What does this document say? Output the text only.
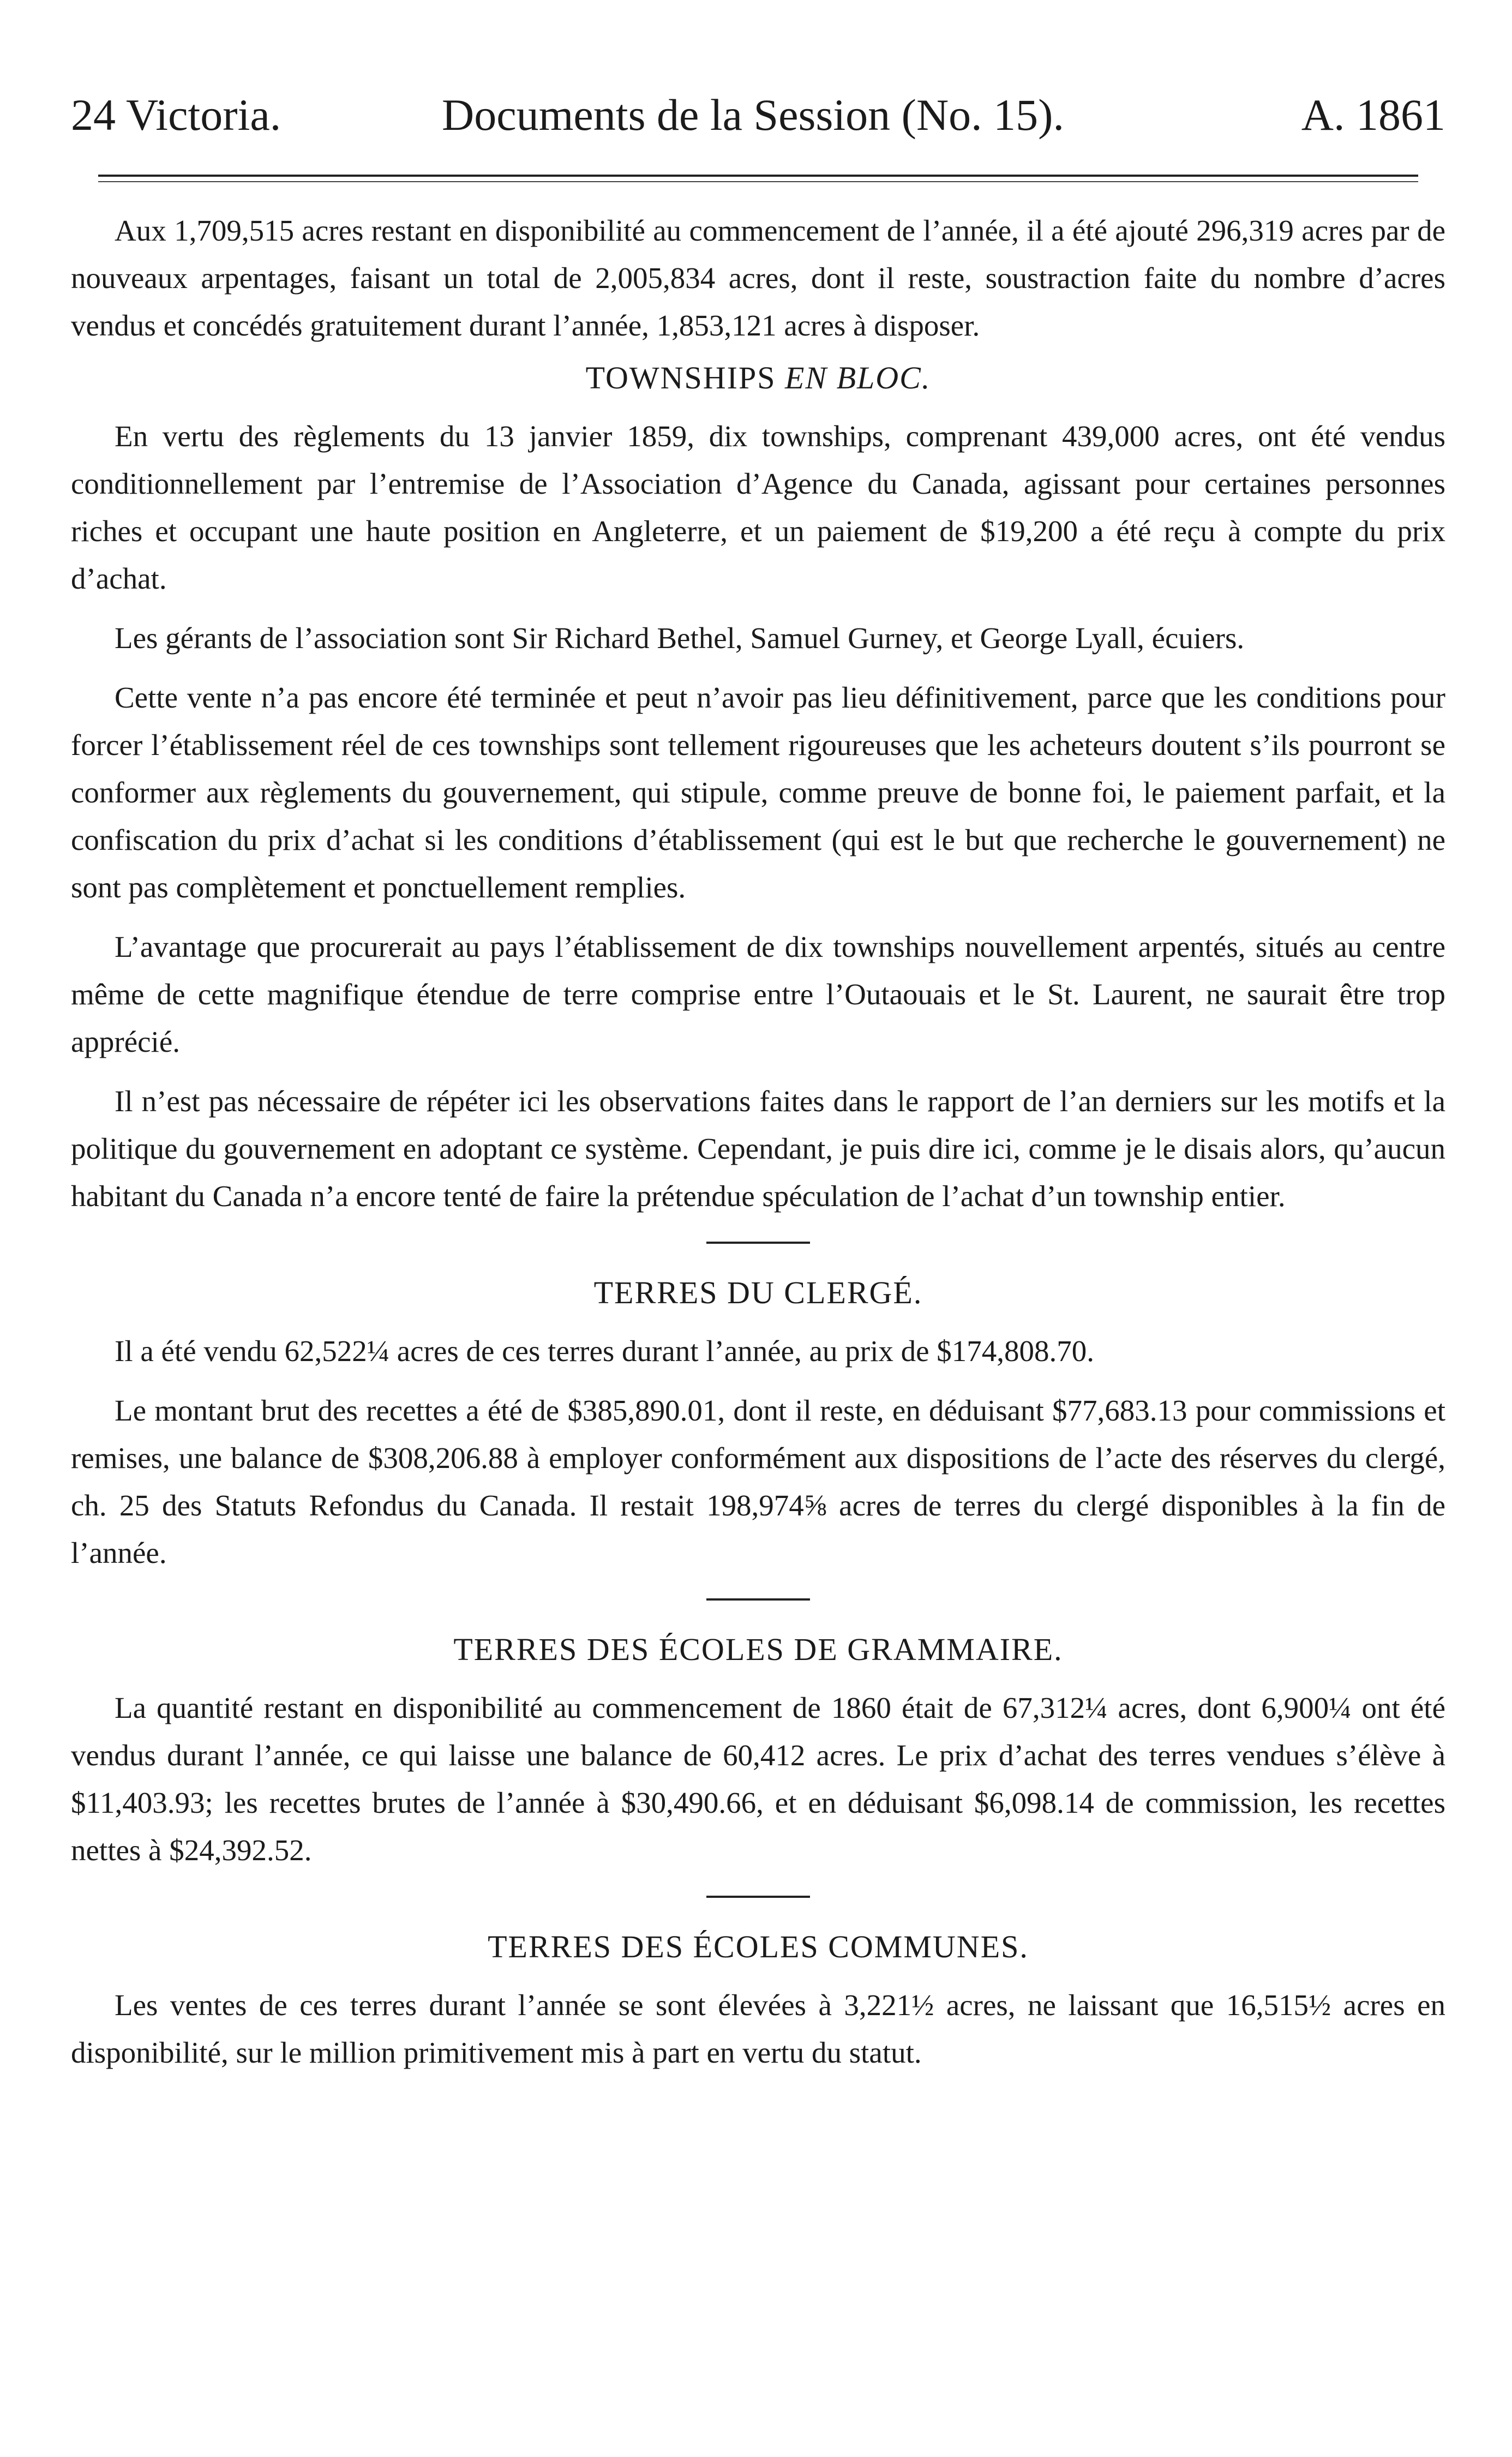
24 Victoria.	Documents de la Session (No. 15).	A. 1861

Aux 1,709,515 acres restant en disponibilité au commencement de l’année, il a été ajouté 296,319 acres par de nouveaux arpentages, faisant un total de 2,005,834 acres, dont il reste, soustraction faite du nombre d’acres vendus et concédés gratuitement durant l’année, 1,853,121 acres à disposer.

TOWNSHIPS EN BLOC.

En vertu des règlements du 13 janvier 1859, dix townships, comprenant 439,000 acres, ont été vendus conditionnellement par l’entremise de l’Association d’Agence du Canada, agissant pour certaines personnes riches et occupant une haute position en Angleterre, et un paiement de $19,200 a été reçu à compte du prix d’achat.

Les gérants de l’association sont Sir Richard Bethel, Samuel Gurney, et George Lyall, écuiers.

Cette vente n’a pas encore été terminée et peut n’avoir pas lieu définitivement, parce que les conditions pour forcer l’établissement réel de ces townships sont tellement rigoureuses que les acheteurs doutent s’ils pourront se conformer aux règlements du gouvernement, qui stipule, comme preuve de bonne foi, le paiement parfait, et la confiscation du prix d’achat si les conditions d’établissement (qui est le but que recherche le gouvernement) ne sont pas complètement et ponctuellement remplies.

L’avantage que procurerait au pays l’établissement de dix townships nouvellement arpentés, situés au centre même de cette magnifique étendue de terre comprise entre l’Outaouais et le St. Laurent, ne saurait être trop apprécié.

Il n’est pas nécessaire de répéter ici les observations faites dans le rapport de l’an derniers sur les motifs et la politique du gouvernement en adoptant ce système. Cependant, je puis dire ici, comme je le disais alors, qu’aucun habitant du Canada n’a encore tenté de faire la prétendue spéculation de l’achat d’un township entier.

TERRES DU CLERGÉ.

Il a été vendu 62,522¼ acres de ces terres durant l’année, au prix de $174,808.70.

Le montant brut des recettes a été de $385,890.01, dont il reste, en déduisant $77,683.13 pour commissions et remises, une balance de $308,206.88 à employer conformément aux dispositions de l’acte des réserves du clergé, ch. 25 des Statuts Refondus du Canada. Il restait 198,974⅝ acres de terres du clergé disponibles à la fin de l’année.

TERRES DES ÉCOLES DE GRAMMAIRE.

La quantité restant en disponibilité au commencement de 1860 était de 67,312¼ acres, dont 6,900¼ ont été vendus durant l’année, ce qui laisse une balance de 60,412 acres. Le prix d’achat des terres vendues s’élève à $11,403.93; les recettes brutes de l’année à $30,490.66, et en déduisant $6,098.14 de commission, les recettes nettes à $24,392.52.

TERRES DES ÉCOLES COMMUNES.

Les ventes de ces terres durant l’année se sont élevées à 3,221½ acres, ne laissant que 16,515½ acres en disponibilité, sur le million primitivement mis à part en vertu du statut.
